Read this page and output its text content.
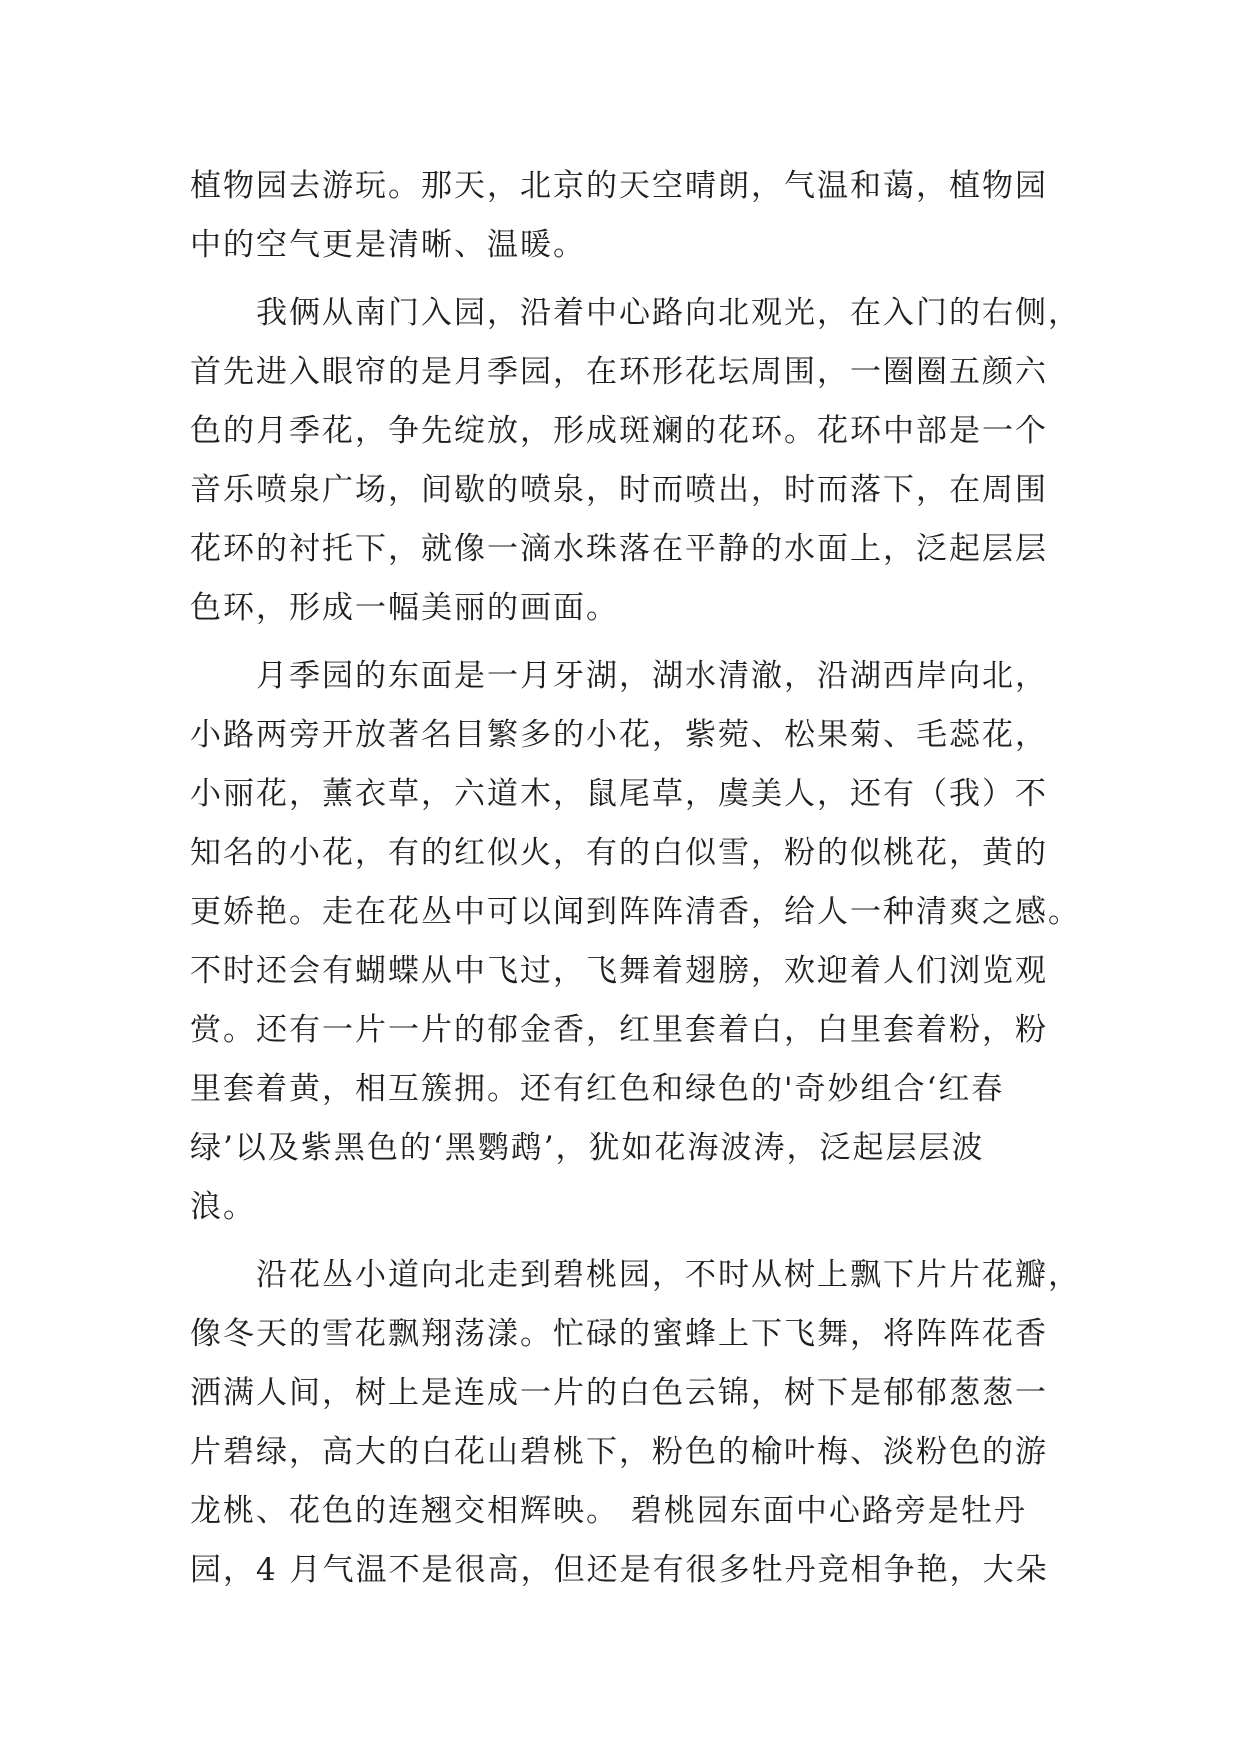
植物园去游玩。那天，北京的天空晴朗，气温和蔼，植物园
中的空气更是清晰、温暖。
我俩从南门入园，沿着中心路向北观光，在入门的右侧，
首先进入眼帘的是月季园，在环形花坛周围，一圈圈五颜六
色的月季花，争先绽放，形成斑斓的花环。花环中部是一个
音乐喷泉广场，间歇的喷泉，时而喷出，时而落下，在周围
花环的衬托下，就像一滴水珠落在平静的水面上，泛起层层
色环，形成一幅美丽的画面。
月季园的东面是一月牙湖，湖水清澈，沿湖西岸向北，
小路两旁开放著名目繁多的小花，紫菀、松果菊、毛蕊花，
小丽花，薰衣草，六道木，鼠尾草，虞美人，还有（我）不
知名的小花，有的红似火，有的白似雪，粉的似桃花，黄的
更娇艳。走在花丛中可以闻到阵阵清香，给人一种清爽之感。
不时还会有蝴蝶从中飞过，飞舞着翅膀，欢迎着人们浏览观
赏。还有一片一片的郁金香，红里套着白，白里套着粉，粉
里套着黄，相互簇拥。还有红色和绿色的'奇妙组合‘红春
绿’以及紫黑色的‘黑鹦鹉’，犹如花海波涛，泛起层层波
浪。
沿花丛小道向北走到碧桃园，不时从树上飘下片片花瓣，
像冬天的雪花飘翔荡漾。忙碌的蜜蜂上下飞舞，将阵阵花香
洒满人间，树上是连成一片的白色云锦，树下是郁郁葱葱一
片碧绿，高大的白花山碧桃下，粉色的榆叶梅、淡粉色的游
龙桃、花色的连翘交相辉映。 碧桃园东面中心路旁是牡丹
园，4 月气温不是很高，但还是有很多牡丹竞相争艳，大朵
